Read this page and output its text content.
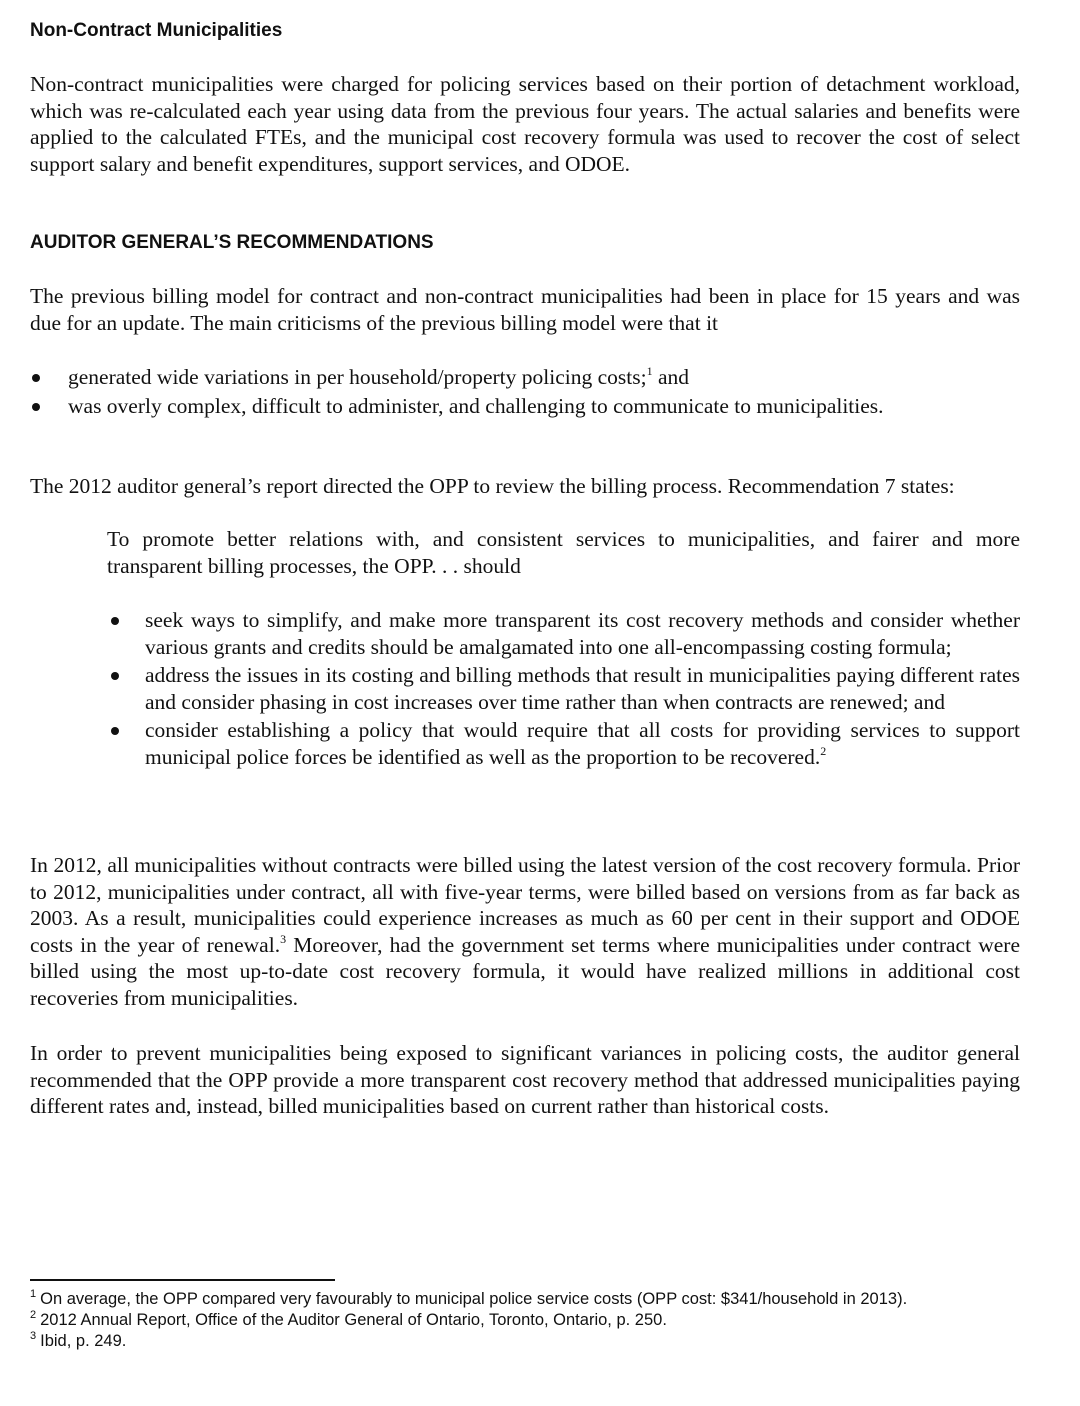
Non-Contract Municipalities
Non-contract municipalities were charged for policing services based on their portion of detachment workload, which was re-calculated each year using data from the previous four years. The actual salaries and benefits were applied to the calculated FTEs, and the municipal cost recovery formula was used to recover the cost of select support salary and benefit expenditures, support services, and ODOE.
AUDITOR GENERAL’S RECOMMENDATIONS
The previous billing model for contract and non-contract municipalities had been in place for 15 years and was due for an update. The main criticisms of the previous billing model were that it
generated wide variations in per household/property policing costs;$^1$ and
was overly complex, difficult to administer, and challenging to communicate to municipalities.
The 2012 auditor general’s report directed the OPP to review the billing process. Recommendation 7 states:
To promote better relations with, and consistent services to municipalities, and fairer and more transparent billing processes, the OPP. . . should
seek ways to simplify, and make more transparent its cost recovery methods and consider whether various grants and credits should be amalgamated into one all-encompassing costing formula;
address the issues in its costing and billing methods that result in municipalities paying different rates and consider phasing in cost increases over time rather than when contracts are renewed; and
consider establishing a policy that would require that all costs for providing services to support municipal police forces be identified as well as the proportion to be recovered.$^2$
In 2012, all municipalities without contracts were billed using the latest version of the cost recovery formula. Prior to 2012, municipalities under contract, all with five-year terms, were billed based on versions from as far back as 2003. As a result, municipalities could experience increases as much as 60 per cent in their support and ODOE costs in the year of renewal.$^3$ Moreover, had the government set terms where municipalities under contract were billed using the most up-to-date cost recovery formula, it would have realized millions in additional cost recoveries from municipalities.
In order to prevent municipalities being exposed to significant variances in policing costs, the auditor general recommended that the OPP provide a more transparent cost recovery method that addressed municipalities paying different rates and, instead, billed municipalities based on current rather than historical costs.
$^1$ On average, the OPP compared very favourably to municipal police service costs (OPP cost: $341/household in 2013).
$^2$ 2012 Annual Report, Office of the Auditor General of Ontario, Toronto, Ontario, p. 250.
$^3$ Ibid, p. 249.
